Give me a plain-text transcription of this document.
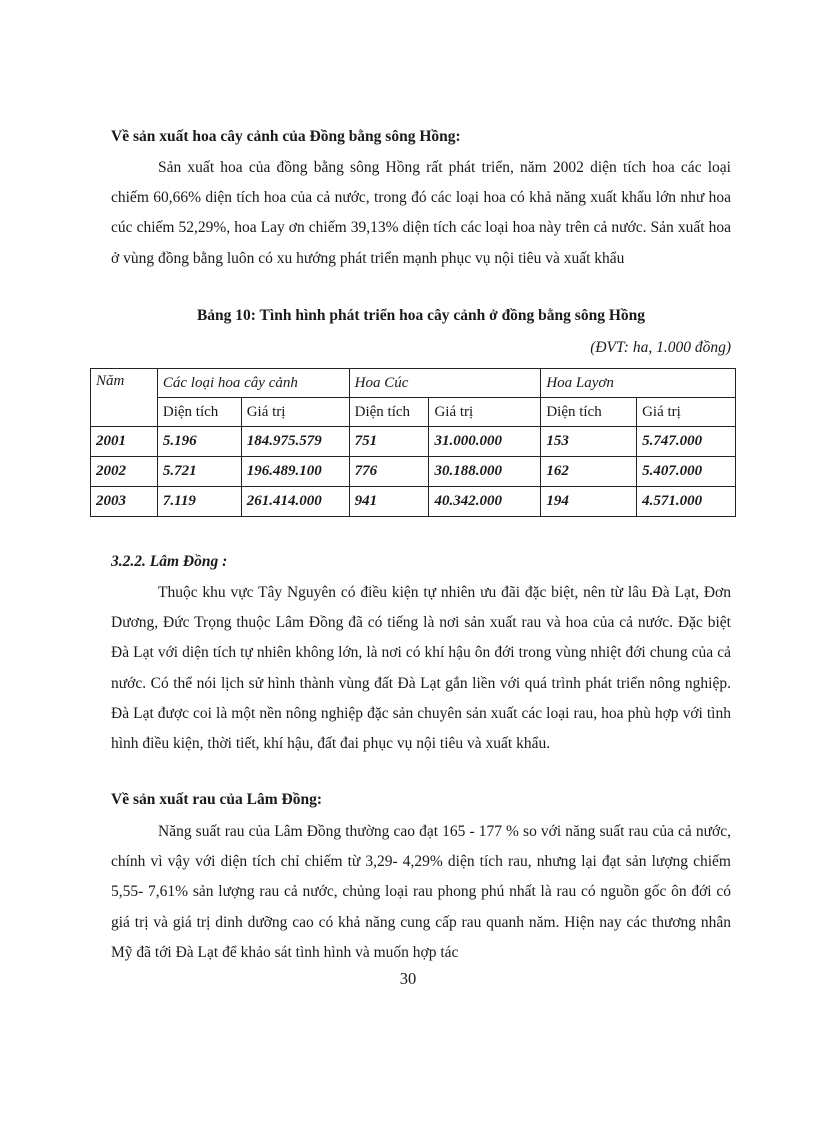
Về sản xuất hoa cây cảnh của Đồng bằng sông Hồng:
Sản xuất hoa của đồng bằng sông Hồng rất phát triển, năm 2002 diện tích hoa các loại chiếm 60,66% diện tích hoa của cả nước, trong đó các loại hoa có khả năng xuất khẩu lớn như hoa cúc chiếm 52,29%, hoa Lay ơn chiếm 39,13% diện tích các loại hoa này trên cả nước. Sản xuất hoa ở vùng đồng bằng luôn có xu hướng phát triển mạnh phục vụ nội tiêu và xuất khẩu
Bảng 10: Tình hình phát triển hoa cây cảnh ở đồng bằng sông Hồng
(ĐVT: ha, 1.000 đồng)
Năm	Các loại hoa cây cảnh		Hoa Cúc		Hoa Layơn	
	Diện tích	Giá trị	Diện tích	Giá trị	Diện tích	Giá trị
2001	5.196	184.975.579	751	31.000.000	153	5.747.000
2002	5.721	196.489.100	776	30.188.000	162	5.407.000
2003	7.119	261.414.000	941	40.342.000	194	4.571.000
3.2.2. Lâm Đồng :
Thuộc khu vực Tây Nguyên có điều kiện tự nhiên ưu đãi đặc biệt, nên từ lâu Đà Lạt, Đơn Dương, Đức Trọng thuộc Lâm Đồng đã có tiếng là nơi sản xuất rau và hoa của cả nước. Đặc biệt Đà Lạt với diện tích tự nhiên không lớn, là nơi có khí hậu ôn đới trong vùng nhiệt đới chung của cả nước. Có thể nói lịch sử hình thành vùng đất Đà Lạt gắn liền với quá trình phát triển nông nghiệp. Đà Lạt được coi là một nền nông nghiệp đặc sản chuyên sản xuất các loại rau, hoa phù hợp với tình hình điều kiện, thời tiết, khí hậu, đất đai phục vụ nội tiêu và xuất khẩu.
Về sản xuất rau của Lâm Đồng:
Năng suất rau của Lâm Đồng thường cao đạt 165 - 177 % so với năng suất rau của cả nước, chính vì vậy với diện tích chỉ chiếm từ 3,29- 4,29% diện tích rau, nhưng lại đạt sản lượng chiếm 5,55- 7,61% sản lượng rau cả nước, chủng loại rau phong phú nhất là rau có nguồn gốc ôn đới có giá trị và giá trị dinh dưỡng cao có khả năng cung cấp rau quanh năm. Hiện nay các thương nhân Mỹ đã tới Đà Lạt để khảo sát tình hình và muốn hợp tác
30
